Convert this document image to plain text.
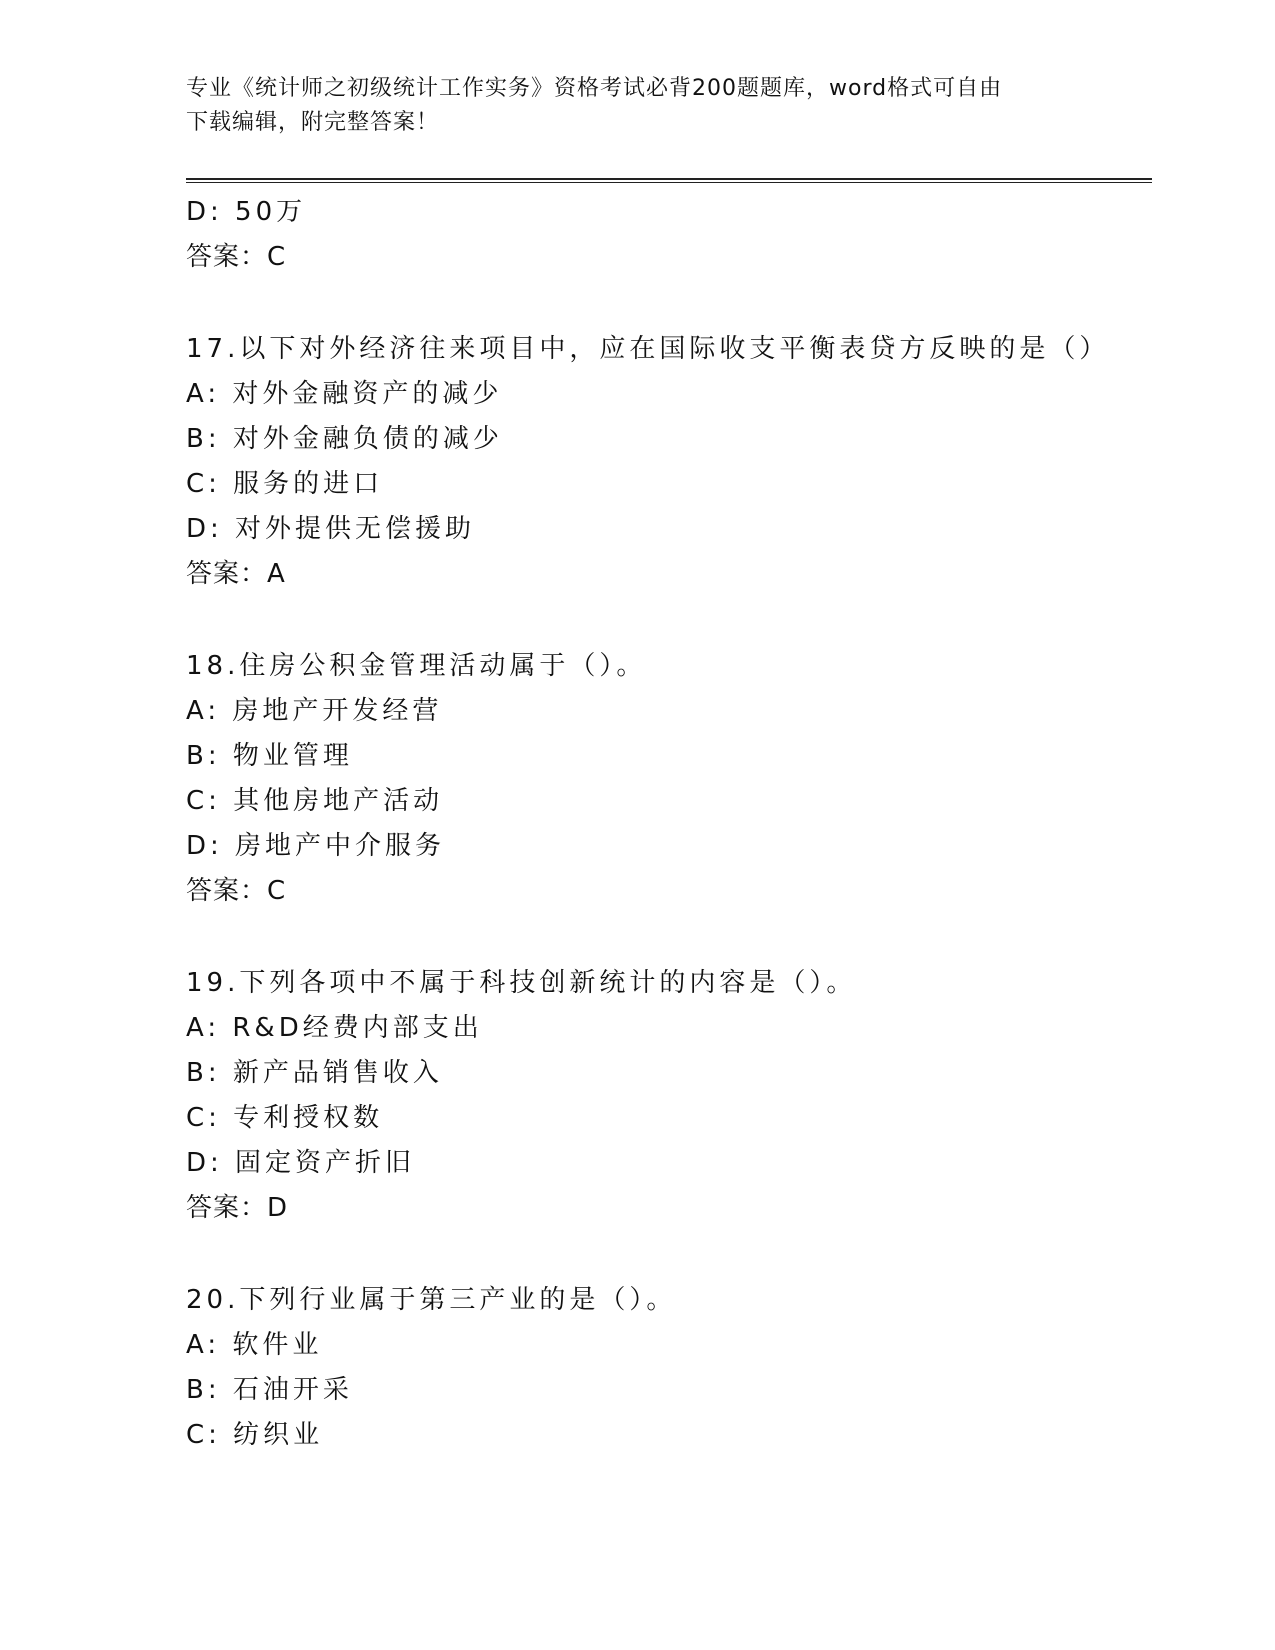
专业《统计师之初级统计工作实务》资格考试必背200题题库，word格式可自由
下载编辑，附完整答案！
D: 50万
答案：C
17.以下对外经济往来项目中，应在国际收支平衡表贷方反映的是（）
A: 对外金融资产的减少
B: 对外金融负债的减少
C: 服务的进口
D: 对外提供无偿援助
答案：A
18.住房公积金管理活动属于（）。
A: 房地产开发经营
B: 物业管理
C: 其他房地产活动
D: 房地产中介服务
答案：C
19.下列各项中不属于科技创新统计的内容是（）。
A: R&D经费内部支出
B: 新产品销售收入
C: 专利授权数
D: 固定资产折旧
答案：D
20.下列行业属于第三产业的是（）。
A: 软件业
B: 石油开采
C: 纺织业
